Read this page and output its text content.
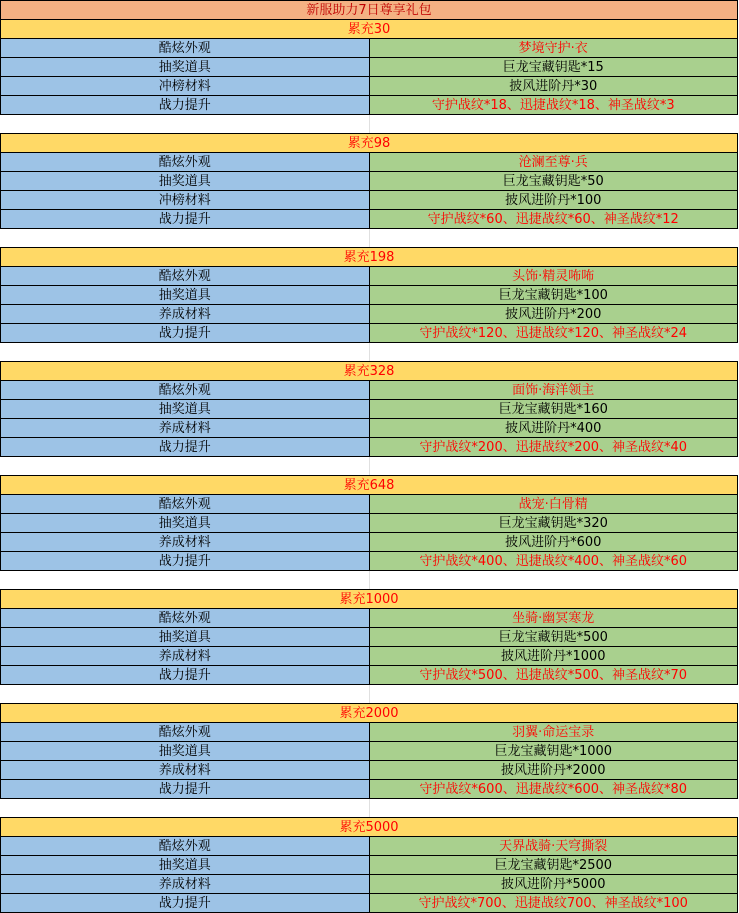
新服助力7日尊享礼包	
累充30	
酷炫外观	梦境守护·衣
抽奖道具	巨龙宝藏钥匙*15
冲榜材料	披风进阶丹*30
战力提升	守护战纹*18、迅捷战纹*18、神圣战纹*3

累充98	
酷炫外观	沧澜至尊·兵
抽奖道具	巨龙宝藏钥匙*50
冲榜材料	披风进阶丹*100
战力提升	守护战纹*60、迅捷战纹*60、神圣战纹*12

累充198	
酷炫外观	头饰·精灵咘咘
抽奖道具	巨龙宝藏钥匙*100
养成材料	披风进阶丹*200
战力提升	守护战纹*120、迅捷战纹*120、神圣战纹*24

累充328	
酷炫外观	面饰·海洋领主
抽奖道具	巨龙宝藏钥匙*160
养成材料	披风进阶丹*400
战力提升	守护战纹*200、迅捷战纹*200、神圣战纹*40

累充648	
酷炫外观	战宠·白骨精
抽奖道具	巨龙宝藏钥匙*320
养成材料	披风进阶丹*600
战力提升	守护战纹*400、迅捷战纹*400、神圣战纹*60

累充1000	
酷炫外观	坐骑·幽冥寒龙
抽奖道具	巨龙宝藏钥匙*500
养成材料	披风进阶丹*1000
战力提升	守护战纹*500、迅捷战纹*500、神圣战纹*70

累充2000	
酷炫外观	羽翼·命运宝录
抽奖道具	巨龙宝藏钥匙*1000
养成材料	披风进阶丹*2000
战力提升	守护战纹*600、迅捷战纹*600、神圣战纹*80

累充5000	
酷炫外观	天界战骑·天穹撕裂
抽奖道具	巨龙宝藏钥匙*2500
养成材料	披风进阶丹*5000
战力提升	守护战纹*700、迅捷战纹700、神圣战纹*100
